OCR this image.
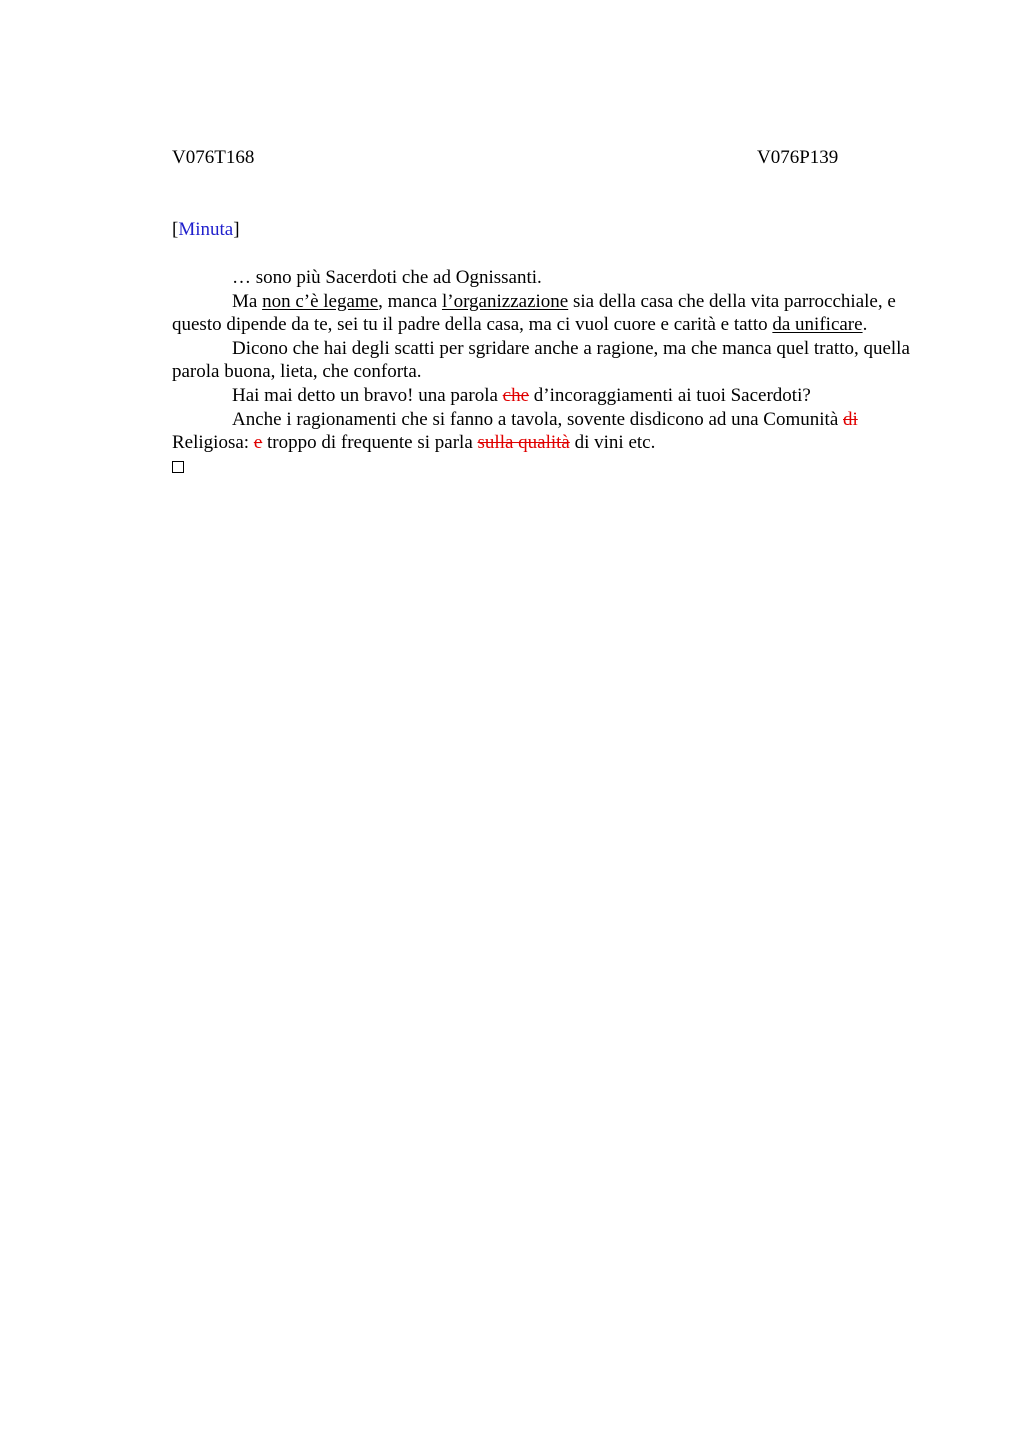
V076T168	V076P139
[Minuta]

… sono più Sacerdoti che ad Ognissanti.

Ma non c’è legame, manca l’organizzazione sia della casa che della vita parrocchiale, e questo dipende da te, sei tu il padre della casa, ma ci vuol cuore e carità e tatto da unificare.

Dicono che hai degli scatti per sgridare anche a ragione, ma che manca quel tratto, quella parola buona, lieta, che conforta.

Hai mai detto un bravo! una parola che d’incoraggiamenti ai tuoi Sacerdoti?

Anche i ragionamenti che si fanno a tavola, sovente disdicono ad una Comunità di Religiosa: e troppo di frequente si parla sulla qualità di vini etc.
